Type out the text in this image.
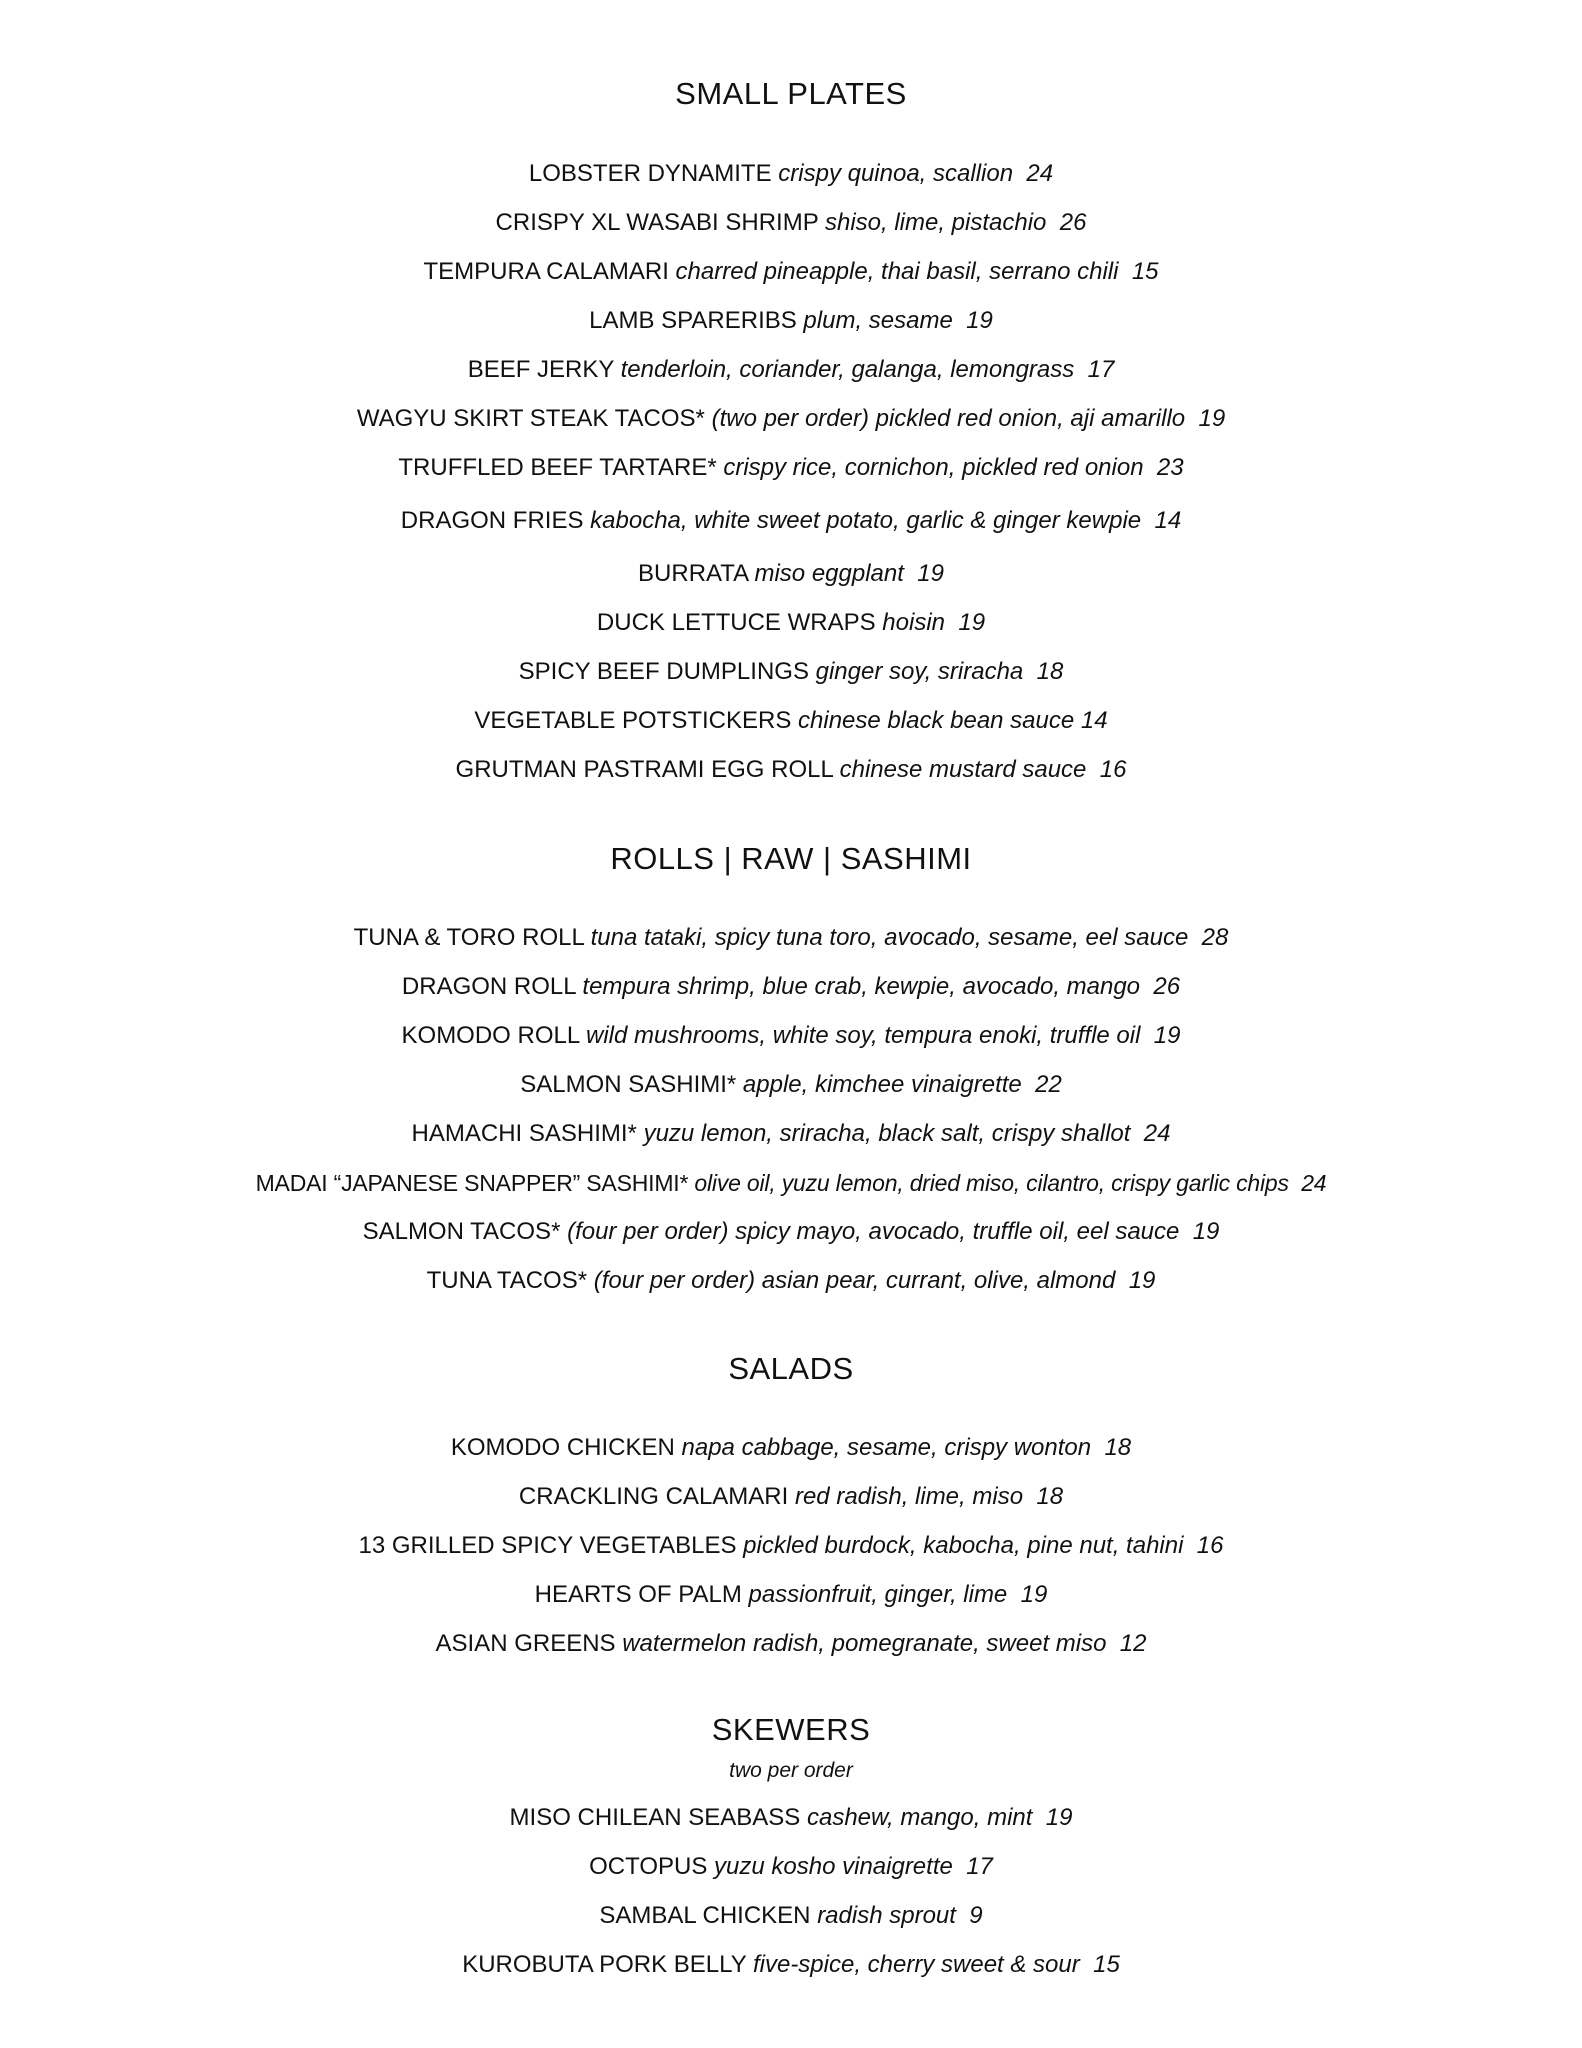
SMALL PLATES
LOBSTER DYNAMITE crispy quinoa, scallion 24
CRISPY XL WASABI SHRIMP shiso, lime, pistachio 26
TEMPURA CALAMARI charred pineapple, thai basil, serrano chili 15
LAMB SPARERIBS plum, sesame 19
BEEF JERKY tenderloin, coriander, galanga, lemongrass 17
WAGYU SKIRT STEAK TACOS* (two per order) pickled red onion, aji amarillo 19
TRUFFLED BEEF TARTARE* crispy rice, cornichon, pickled red onion 23
DRAGON FRIES kabocha, white sweet potato, garlic & ginger kewpie 14
BURRATA miso eggplant 19
DUCK LETTUCE WRAPS hoisin 19
SPICY BEEF DUMPLINGS ginger soy, sriracha 18
VEGETABLE POTSTICKERS chinese black bean sauce 14
GRUTMAN PASTRAMI EGG ROLL chinese mustard sauce 16
ROLLS | RAW | SASHIMI
TUNA & TORO ROLL tuna tataki, spicy tuna toro, avocado, sesame, eel sauce 28
DRAGON ROLL tempura shrimp, blue crab, kewpie, avocado, mango 26
KOMODO ROLL wild mushrooms, white soy, tempura enoki, truffle oil 19
SALMON SASHIMI* apple, kimchee vinaigrette 22
HAMACHI SASHIMI* yuzu lemon, sriracha, black salt, crispy shallot 24
MADAI “JAPANESE SNAPPER” SASHIMI* olive oil, yuzu lemon, dried miso, cilantro, crispy garlic chips 24
SALMON TACOS* (four per order) spicy mayo, avocado, truffle oil, eel sauce 19
TUNA TACOS* (four per order) asian pear, currant, olive, almond 19
SALADS
KOMODO CHICKEN napa cabbage, sesame, crispy wonton 18
CRACKLING CALAMARI red radish, lime, miso 18
13 GRILLED SPICY VEGETABLES pickled burdock, kabocha, pine nut, tahini 16
HEARTS OF PALM passionfruit, ginger, lime 19
ASIAN GREENS watermelon radish, pomegranate, sweet miso 12
SKEWERS
two per order
MISO CHILEAN SEABASS cashew, mango, mint 19
OCTOPUS yuzu kosho vinaigrette 17
SAMBAL CHICKEN radish sprout 9
KUROBUTA PORK BELLY five-spice, cherry sweet & sour 15
